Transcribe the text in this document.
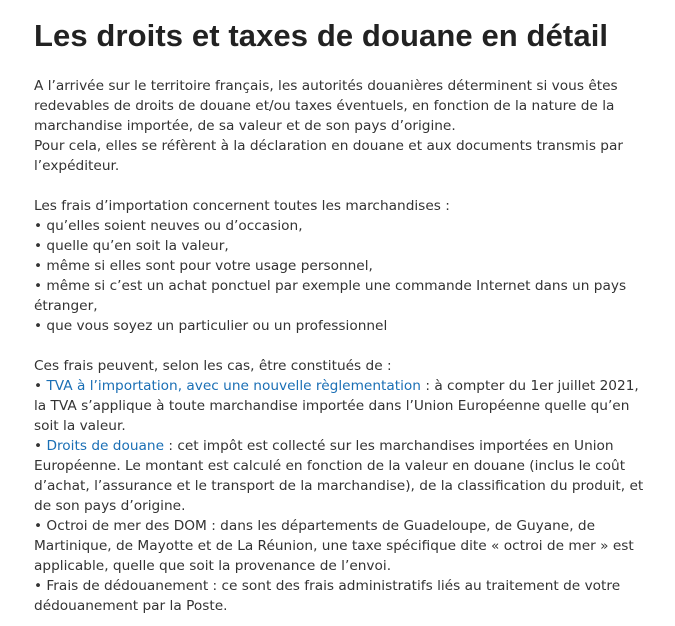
Les droits et taxes de douane en détail

A l’arrivée sur le territoire français, les autorités douanières déterminent si vous êtes redevables de droits de douane et/ou taxes éventuels, en fonction de la nature de la marchandise importée, de sa valeur et de son pays d’origine.

Pour cela, elles se réfèrent à la déclaration en douane et aux documents transmis par l’expéditeur.

Les frais d’importation concernent toutes les marchandises :

• qu’elles soient neuves ou d’occasion,
• quelle qu’en soit la valeur,
• même si elles sont pour votre usage personnel,
• même si c’est un achat ponctuel par exemple une commande Internet dans un pays étranger,
• que vous soyez un particulier ou un professionnel

Ces frais peuvent, selon les cas, être constitués de :

• TVA à l’importation, avec une nouvelle règlementation : à compter du 1er juillet 2021, la TVA s’applique à toute marchandise importée dans l’Union Européenne quelle qu’en soit la valeur.

• Droits de douane : cet impôt est collecté sur les marchandises importées en Union Européenne. Le montant est calculé en fonction de la valeur en douane (inclus le coût d’achat, l’assurance et le transport de la marchandise), de la classification du produit, et de son pays d’origine.

• Octroi de mer des DOM : dans les départements de Guadeloupe, de Guyane, de Martinique, de Mayotte et de La Réunion, une taxe spécifique dite « octroi de mer » est applicable, quelle que soit la provenance de l’envoi.

• Frais de dédouanement : ce sont des frais administratifs liés au traitement de votre dédouanement par la Poste.
